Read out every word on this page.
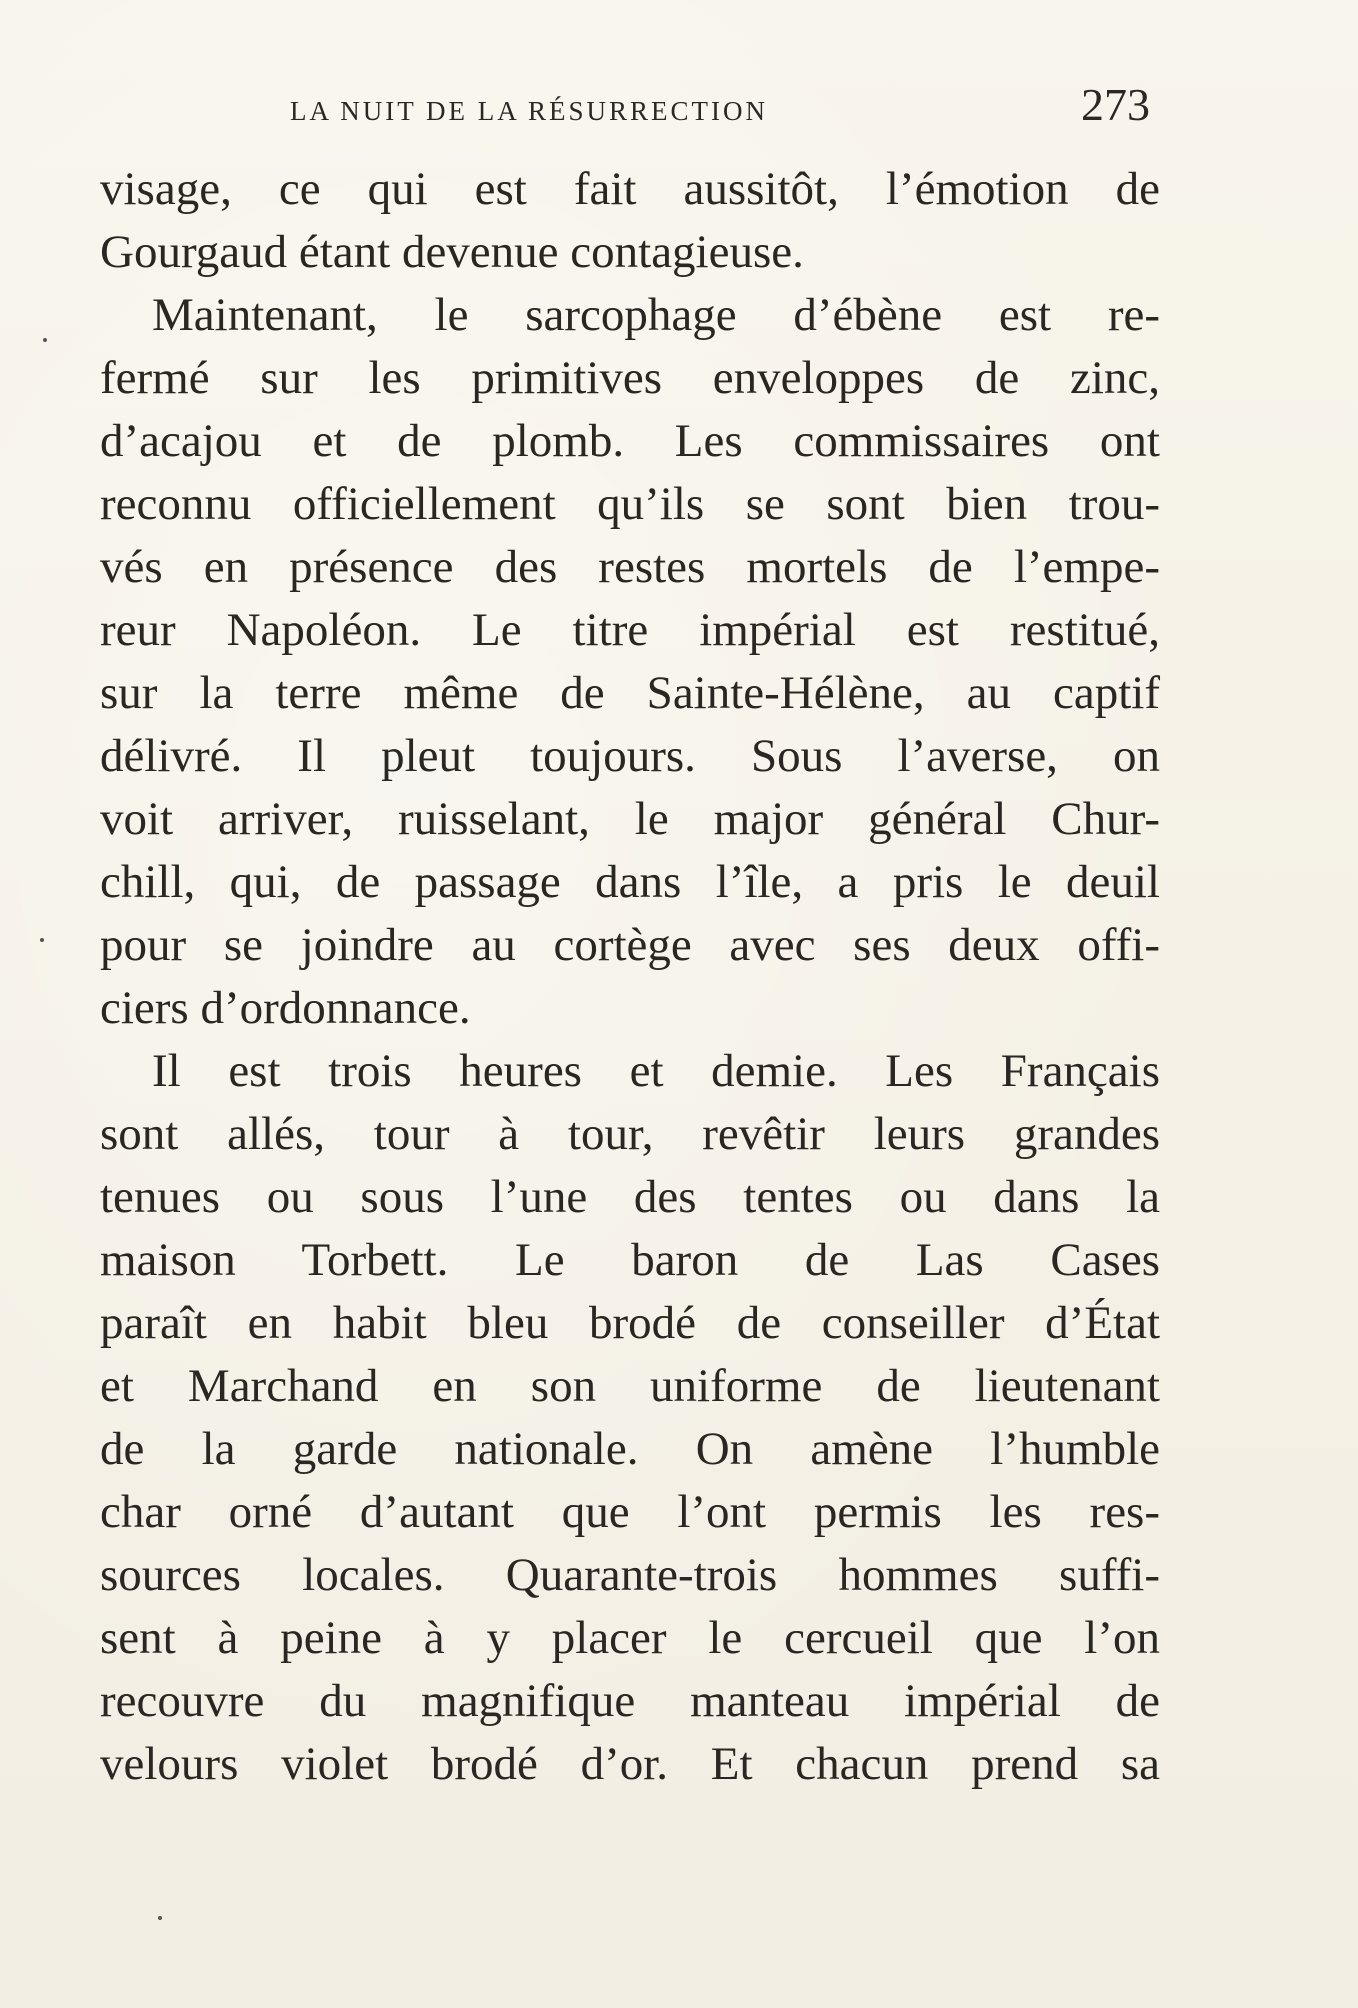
LA NUIT DE LA RÉSURRECTION	273
visage, ce qui est fait aussitôt, l’émotion de
Gourgaud étant devenue contagieuse.
Maintenant, le sarcophage d’ébène est re-
fermé sur les primitives enveloppes de zinc,
d’acajou et de plomb. Les commissaires ont
reconnu officiellement qu’ils se sont bien trou-
vés en présence des restes mortels de l’empe-
reur Napoléon. Le titre impérial est restitué,
sur la terre même de Sainte-Hélène, au captif
délivré. Il pleut toujours. Sous l’averse, on
voit arriver, ruisselant, le major général Chur-
chill, qui, de passage dans l’île, a pris le deuil
pour se joindre au cortège avec ses deux offi-
ciers d’ordonnance.
Il est trois heures et demie. Les Français
sont allés, tour à tour, revêtir leurs grandes
tenues ou sous l’une des tentes ou dans la
maison Torbett. Le baron de Las Cases
paraît en habit bleu brodé de conseiller d’État
et Marchand en son uniforme de lieutenant
de la garde nationale. On amène l’humble
char orné d’autant que l’ont permis les res-
sources locales. Quarante-trois hommes suffi-
sent à peine à y placer le cercueil que l’on
recouvre du magnifique manteau impérial de
velours violet brodé d’or. Et chacun prend sa
